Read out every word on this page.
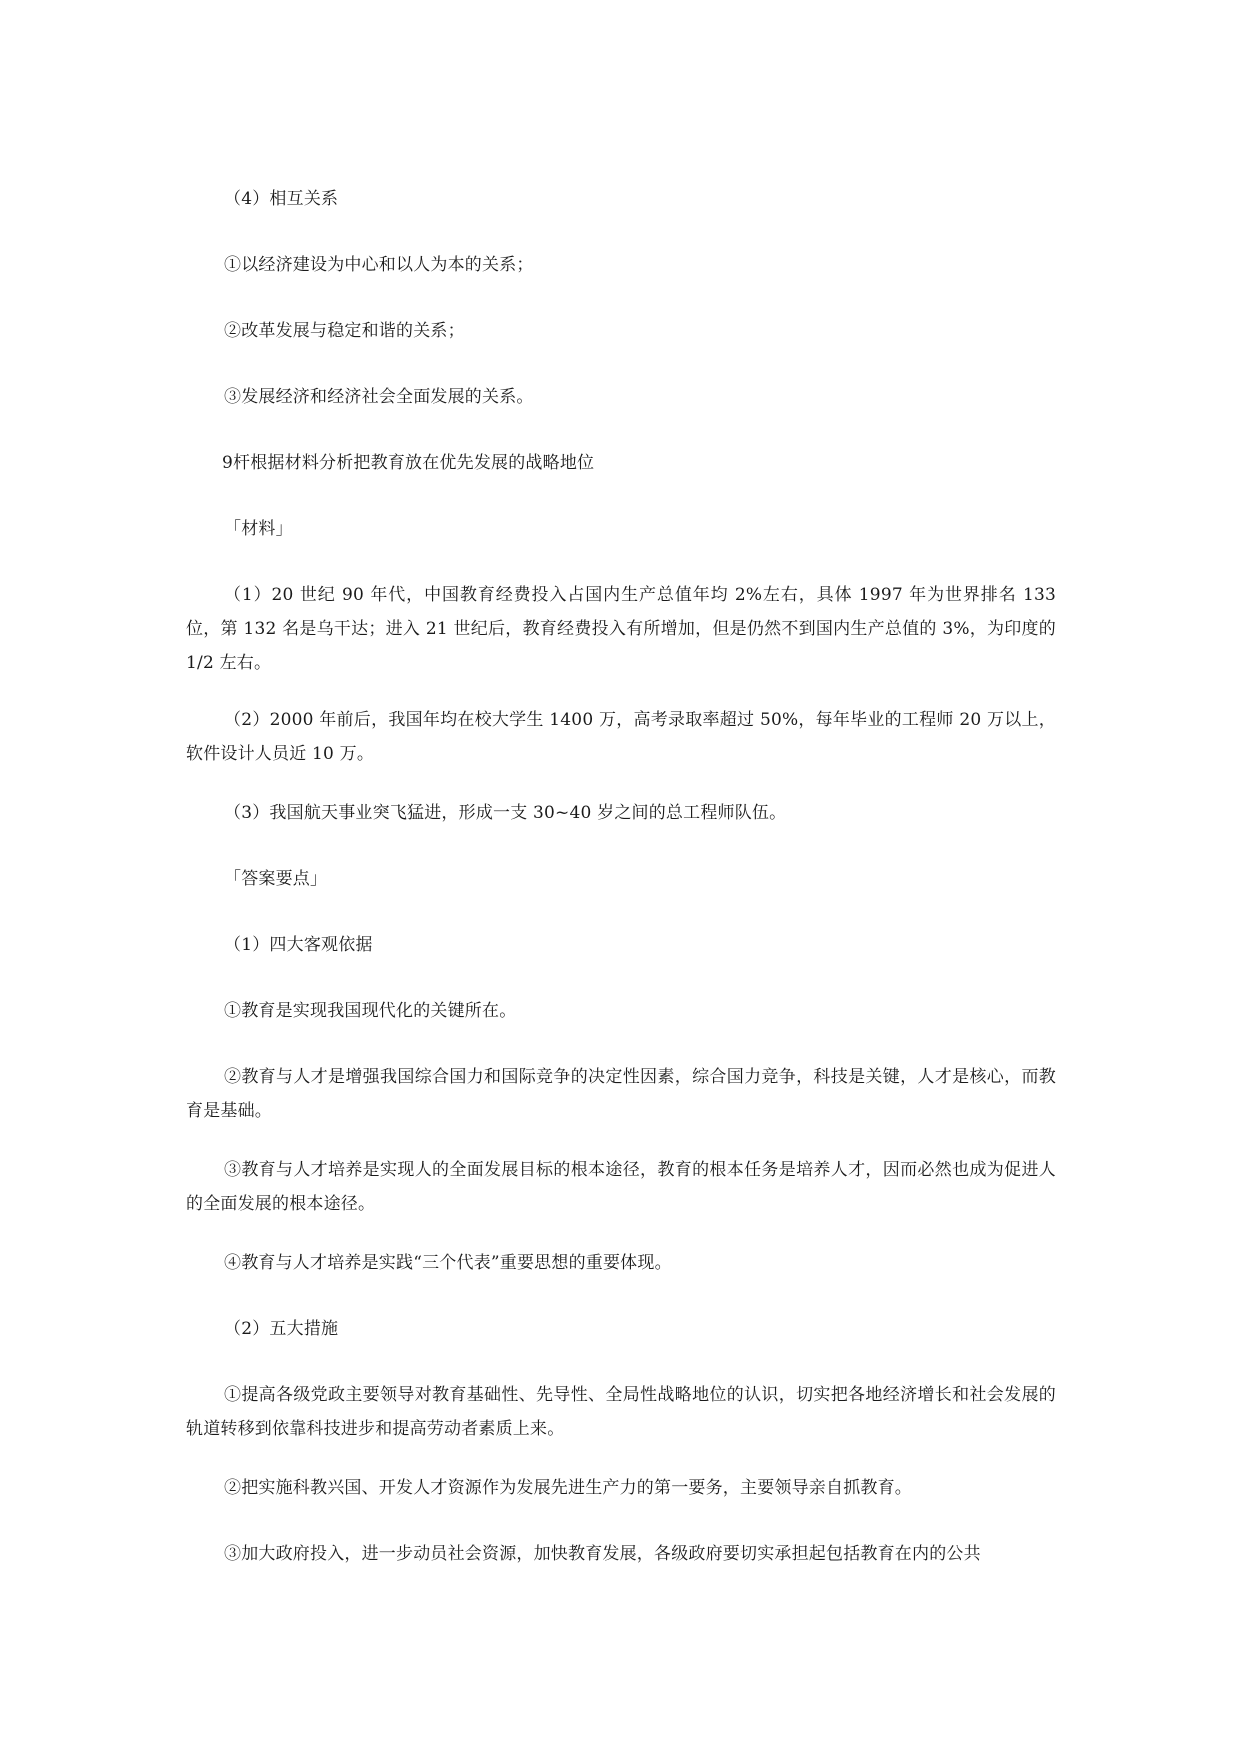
（4）相互关系

①以经济建设为中心和以人为本的关系；

②改革发展与稳定和谐的关系；

③发展经济和经济社会全面发展的关系。

9杆根据材料分析把教育放在优先发展的战略地位

「材料」

（1）20 世纪 90 年代，中国教育经费投入占国内生产总值年均 2%左右，具体 1997 年为世界排名 133 位，第 132 名是乌干达；进入 21 世纪后，教育经费投入有所增加，但是仍然不到国内生产总值的 3%，为印度的 1/2 左右。

（2）2000 年前后，我国年均在校大学生 1400 万，高考录取率超过 50%，每年毕业的工程师 20 万以上，软件设计人员近 10 万。

（3）我国航天事业突飞猛进，形成一支 30~40 岁之间的总工程师队伍。

「答案要点」

（1）四大客观依据

①教育是实现我国现代化的关键所在。

②教育与人才是增强我国综合国力和国际竞争的决定性因素，综合国力竞争，科技是关键，人才是核心，而教育是基础。

③教育与人才培养是实现人的全面发展目标的根本途径，教育的根本任务是培养人才，因而必然也成为促进人的全面发展的根本途径。

④教育与人才培养是实践“三个代表”重要思想的重要体现。

（2）五大措施

①提高各级党政主要领导对教育基础性、先导性、全局性战略地位的认识，切实把各地经济增长和社会发展的轨道转移到依靠科技进步和提高劳动者素质上来。

②把实施科教兴国、开发人才资源作为发展先进生产力的第一要务，主要领导亲自抓教育。

③加大政府投入，进一步动员社会资源，加快教育发展，各级政府要切实承担起包括教育在内的公共
